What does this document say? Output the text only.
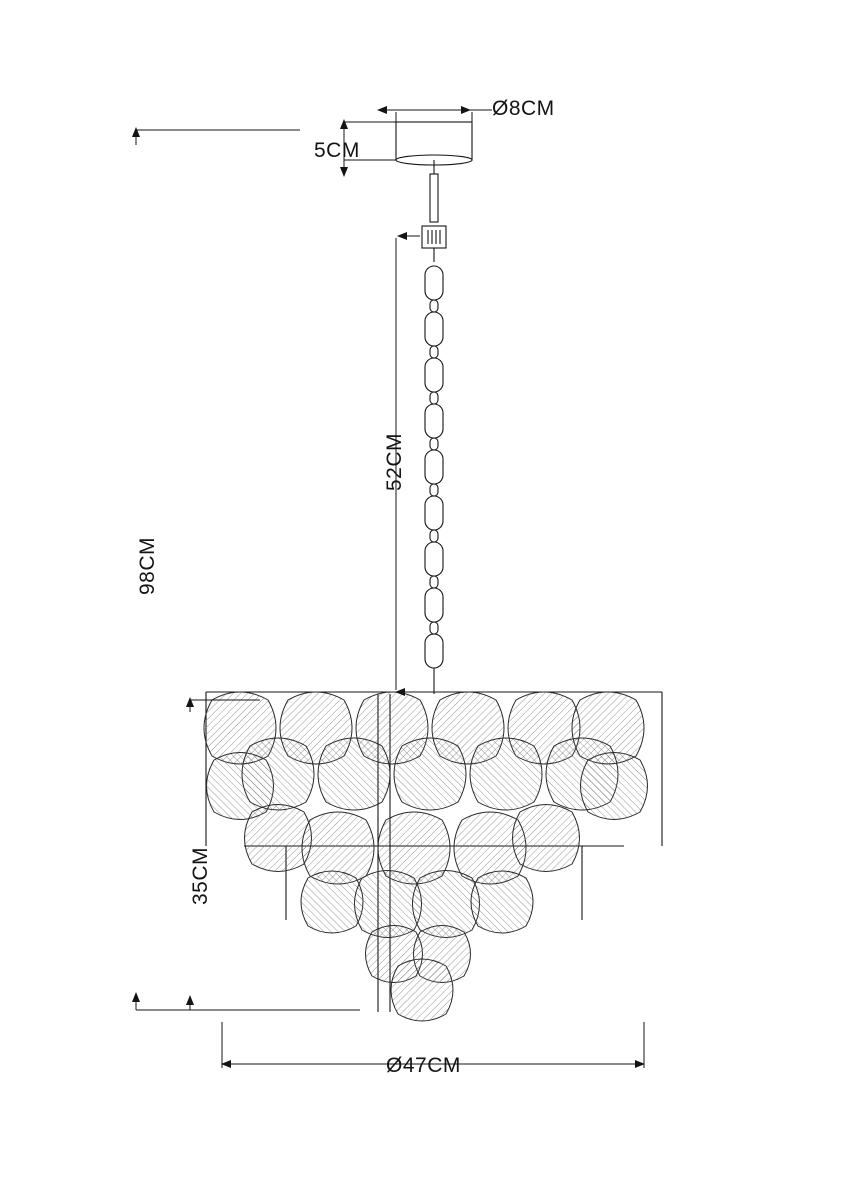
Ø8CM
5CM
52CM
98CM
35CM
Ø47CM
